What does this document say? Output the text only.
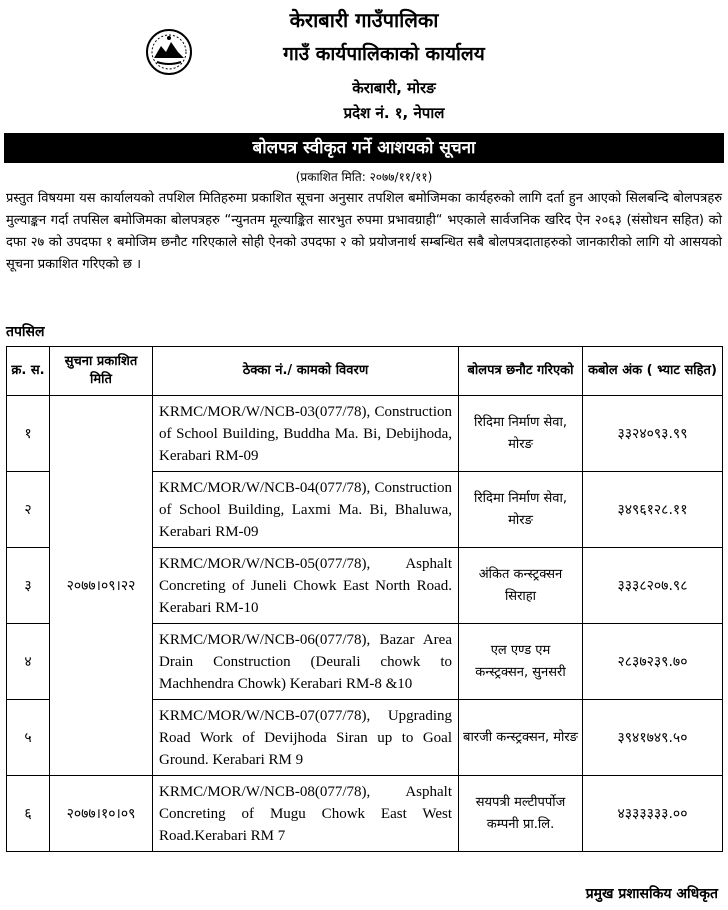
केराबारी गाउँपालिका
गाउँ कार्यपालिकाको कार्यालय
केराबारी, मोरङ
प्रदेश नं. १, नेपाल
बोलपत्र स्वीकृत गर्ने आशयको सूचना
(प्रकाशित मिति: २०७७/११/११)
प्रस्तुत विषयमा यस कार्यालयको तपशिल मितिहरुमा प्रकाशित सूचना अनुसार तपशिल बमोजिमका कार्यहरुको लागि दर्ता हुन आएको सिलबन्दि बोलपत्रहरु मुल्याङ्कन गर्दा तपसिल बमोजिमका बोलपत्रहरु “न्युनतम मूल्याङ्कित सारभुत रुपमा प्रभावग्राही“ भएकाले सार्वजनिक खरिद ऐन २०६३ (संसोधन सहित) को दफा २७ को उपदफा १ बमोजिम छनौट गरिएकाले सोही ऐनको उपदफा २ को प्रयोजनार्थ सम्बन्धित सबै बोलपत्रदाताहरुको जानकारीको लागि यो आसयको सूचना प्रकाशित गरिएको छ ।
तपसिल
क्र. स.	सुचना प्रकाशित मिति	ठेक्का नं./ कामको विवरण	बोलपत्र छनौट गरिएको	कबोल अंक ( भ्याट सहित)
१	२०७७।०९।२२	KRMC/MOR/W/NCB-03(077/78), Construction of School Building, Buddha Ma. Bi, Debijhoda, Kerabari RM-09	रिदिमा निर्माण सेवा, मोरङ	३३२४०९३.९९
२		KRMC/MOR/W/NCB-04(077/78), Construction of School Building, Laxmi Ma. Bi, Bhaluwa, Kerabari RM-09	रिदिमा निर्माण सेवा, मोरङ	३४९६१२८.११
३		KRMC/MOR/W/NCB-05(077/78), Asphalt Concreting of Juneli Chowk East North Road. Kerabari RM-10	अंकित कन्स्ट्रक्सन सिराहा	३३३८२०७.९८
४		KRMC/MOR/W/NCB-06(077/78), Bazar Area Drain Construction (Deurali chowk to Machhendra Chowk) Kerabari RM-8 &10	एल एण्ड एम कन्स्ट्रक्सन, सुनसरी	२८३७२३९.७०
५		KRMC/MOR/W/NCB-07(077/78), Upgrading Road Work of Devijhoda Siran up to Goal Ground. Kerabari RM 9	बारजी कन्स्ट्रक्सन, मोरङ	३९४१७४९.५०
६	२०७७।१०।०९	KRMC/MOR/W/NCB-08(077/78), Asphalt Concreting of Mugu Chowk East West Road.Kerabari RM 7	सयपत्री मल्टीपर्पोज कम्पनी प्रा.लि.	४३३३३३३.००
प्रमुख प्रशासकिय अधिकृत
